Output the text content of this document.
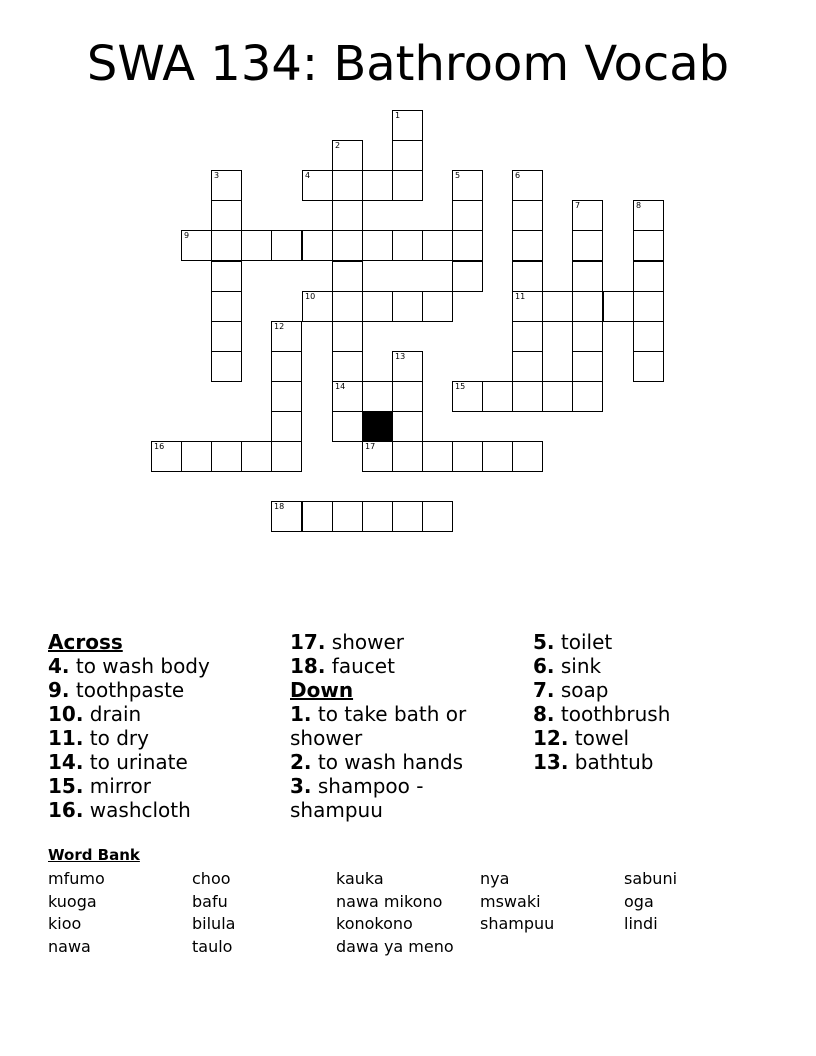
SWA 134: Bathroom Vocab
1
2
3	4	5	6
7	8
9
10	11
12
13
14	15
16	17
18
Across
4. to wash body
9. toothpaste
10. drain
11. to dry
14. to urinate
15. mirror
16. washcloth
17. shower
18. faucet
Down
1. to take bath or shower
2. to wash hands
3. shampoo - shampuu
5. toilet
6. sink
7. soap
8. toothbrush
12. towel
13. bathtub
Word Bank
mfumo
kuoga
kioo
nawa
choo
bafu
bilula
taulo
kauka
nawa mikono
konokono
dawa ya meno
nya
mswaki
shampuu
sabuni
oga
lindi
